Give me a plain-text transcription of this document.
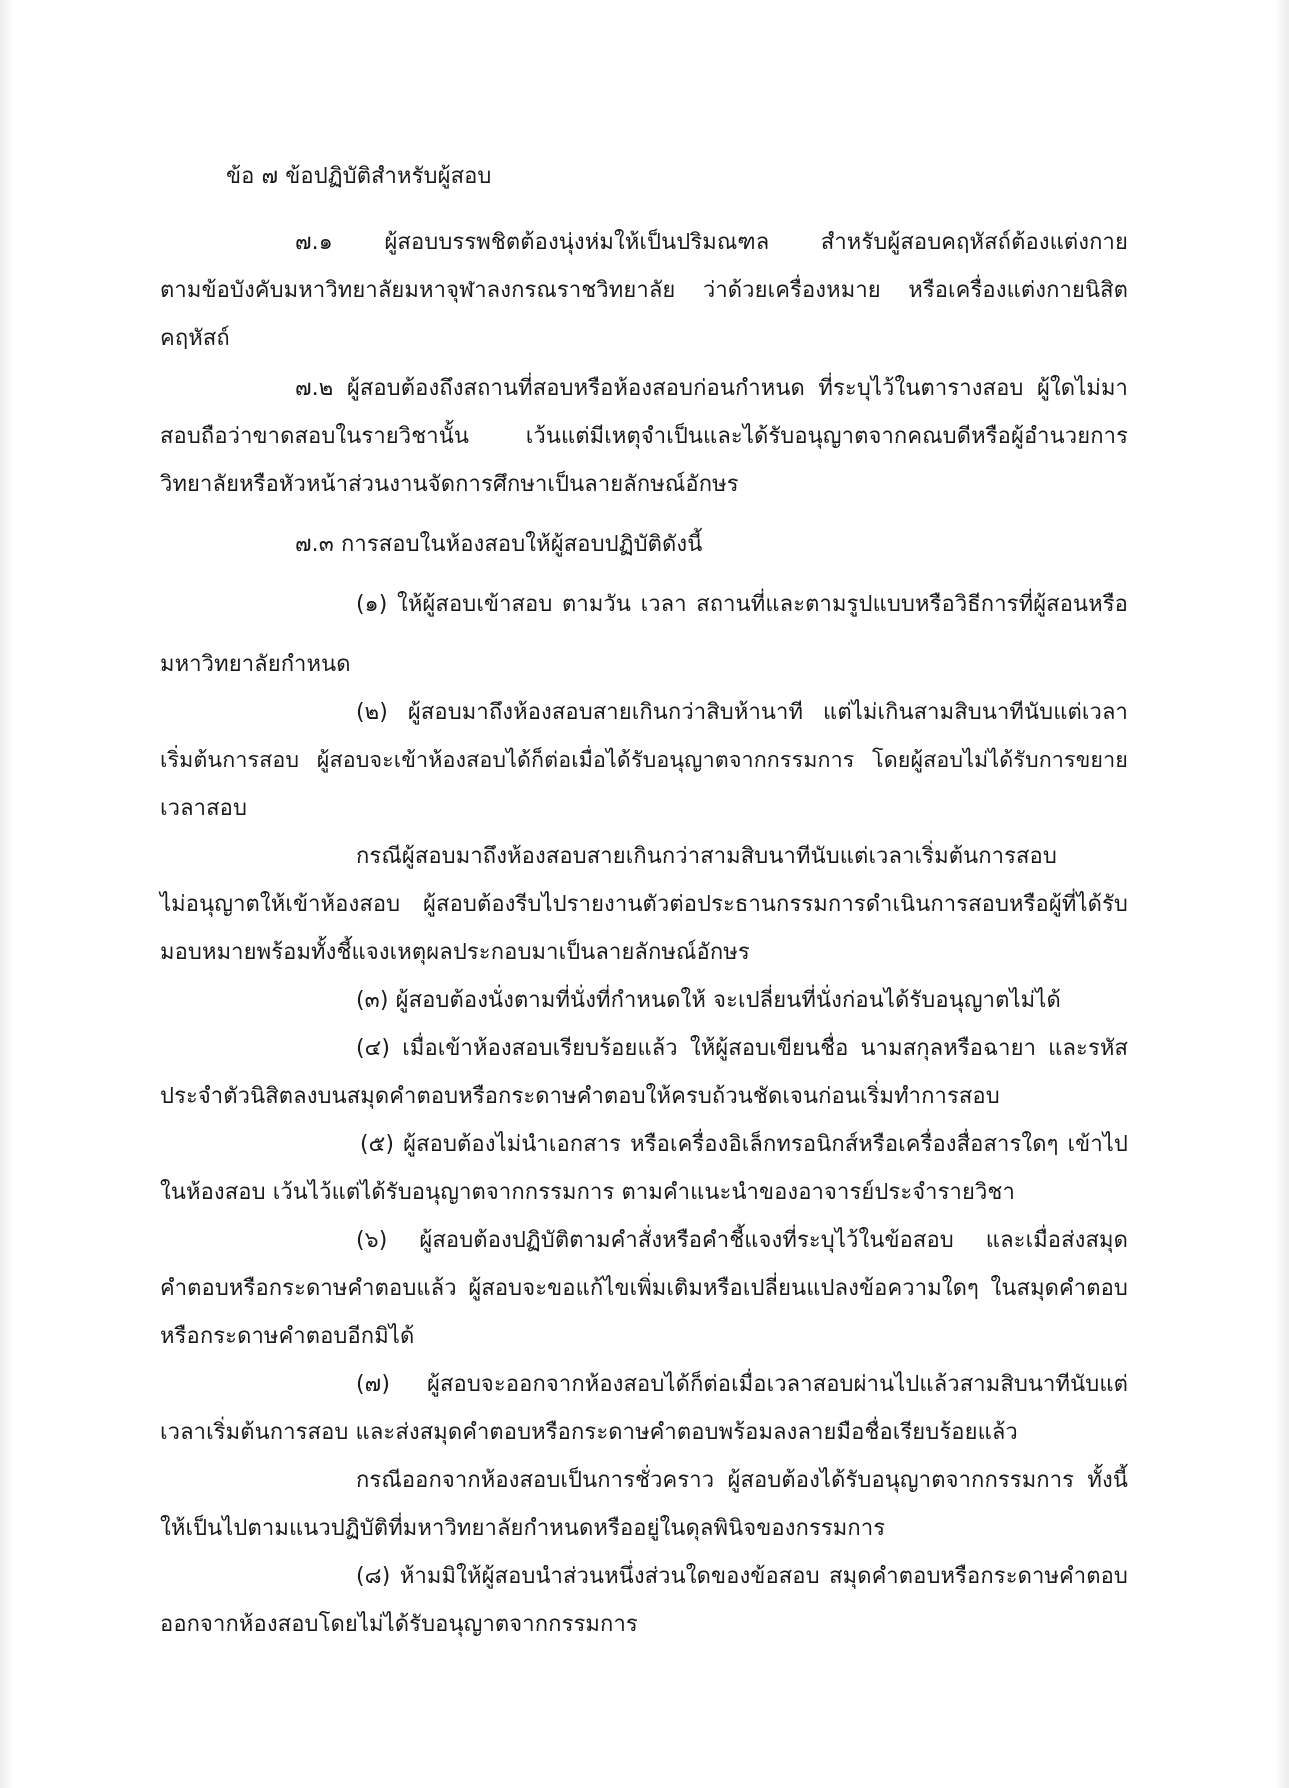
ข้อ ๗ ข้อปฏิบัติสำหรับผู้สอบ
๗.๑ ผู้สอบบรรพชิตต้องนุ่งห่มให้เป็นปริมณฑล สำหรับผู้สอบคฤหัสถ์ต้องแต่งกาย
ตามข้อบังคับมหาวิทยาลัยมหาจุฬาลงกรณราชวิทยาลัย ว่าด้วยเครื่องหมาย หรือเครื่องแต่งกายนิสิต
คฤหัสถ์
๗.๒ ผู้สอบต้องถึงสถานที่สอบหรือห้องสอบก่อนกำหนด ที่ระบุไว้ในตารางสอบ ผู้ใดไม่มา
สอบถือว่าขาดสอบในรายวิชานั้น เว้นแต่มีเหตุจำเป็นและได้รับอนุญาตจากคณบดีหรือผู้อำนวยการ
วิทยาลัยหรือหัวหน้าส่วนงานจัดการศึกษาเป็นลายลักษณ์อักษร
๗.๓ การสอบในห้องสอบให้ผู้สอบปฏิบัติดังนี้
(๑) ให้ผู้สอบเข้าสอบ ตามวัน เวลา สถานที่และตามรูปแบบหรือวิธีการที่ผู้สอนหรือ
มหาวิทยาลัยกำหนด
(๒) ผู้สอบมาถึงห้องสอบสายเกินกว่าสิบห้านาที แต่ไม่เกินสามสิบนาทีนับแต่เวลา
เริ่มต้นการสอบ ผู้สอบจะเข้าห้องสอบได้ก็ต่อเมื่อได้รับอนุญาตจากกรรมการ โดยผู้สอบไม่ได้รับการขยาย
เวลาสอบ
กรณีผู้สอบมาถึงห้องสอบสายเกินกว่าสามสิบนาทีนับแต่เวลาเริ่มต้นการสอบ
ไม่อนุญาตให้เข้าห้องสอบ ผู้สอบต้องรีบไปรายงานตัวต่อประธานกรรมการดำเนินการสอบหรือผู้ที่ได้รับ
มอบหมายพร้อมทั้งชี้แจงเหตุผลประกอบมาเป็นลายลักษณ์อักษร
(๓) ผู้สอบต้องนั่งตามที่นั่งที่กำหนดให้ จะเปลี่ยนที่นั่งก่อนได้รับอนุญาตไม่ได้
(๔) เมื่อเข้าห้องสอบเรียบร้อยแล้ว ให้ผู้สอบเขียนชื่อ นามสกุลหรือฉายา และรหัส
ประจำตัวนิสิตลงบนสมุดคำตอบหรือกระดาษคำตอบให้ครบถ้วนชัดเจนก่อนเริ่มทำการสอบ
(๕) ผู้สอบต้องไม่นำเอกสาร หรือเครื่องอิเล็กทรอนิกส์หรือเครื่องสื่อสารใดๆ เข้าไป
ในห้องสอบ เว้นไว้แต่ได้รับอนุญาตจากกรรมการ ตามคำแนะนำของอาจารย์ประจำรายวิชา
(๖) ผู้สอบต้องปฏิบัติตามคำสั่งหรือคำชี้แจงที่ระบุไว้ในข้อสอบ และเมื่อส่งสมุด
คำตอบหรือกระดาษคำตอบแล้ว ผู้สอบจะขอแก้ไขเพิ่มเติมหรือเปลี่ยนแปลงข้อความใดๆ ในสมุดคำตอบ
หรือกระดาษคำตอบอีกมิได้
(๗) ผู้สอบจะออกจากห้องสอบได้ก็ต่อเมื่อเวลาสอบผ่านไปแล้วสามสิบนาทีนับแต่
เวลาเริ่มต้นการสอบ และส่งสมุดคำตอบหรือกระดาษคำตอบพร้อมลงลายมือชื่อเรียบร้อยแล้ว
กรณีออกจากห้องสอบเป็นการชั่วคราว ผู้สอบต้องได้รับอนุญาตจากกรรมการ ทั้งนี้
ให้เป็นไปตามแนวปฏิบัติที่มหาวิทยาลัยกำหนดหรืออยู่ในดุลพินิจของกรรมการ
(๘) ห้ามมิให้ผู้สอบนำส่วนหนึ่งส่วนใดของข้อสอบ สมุดคำตอบหรือกระดาษคำตอบ
ออกจากห้องสอบโดยไม่ได้รับอนุญาตจากกรรมการ
